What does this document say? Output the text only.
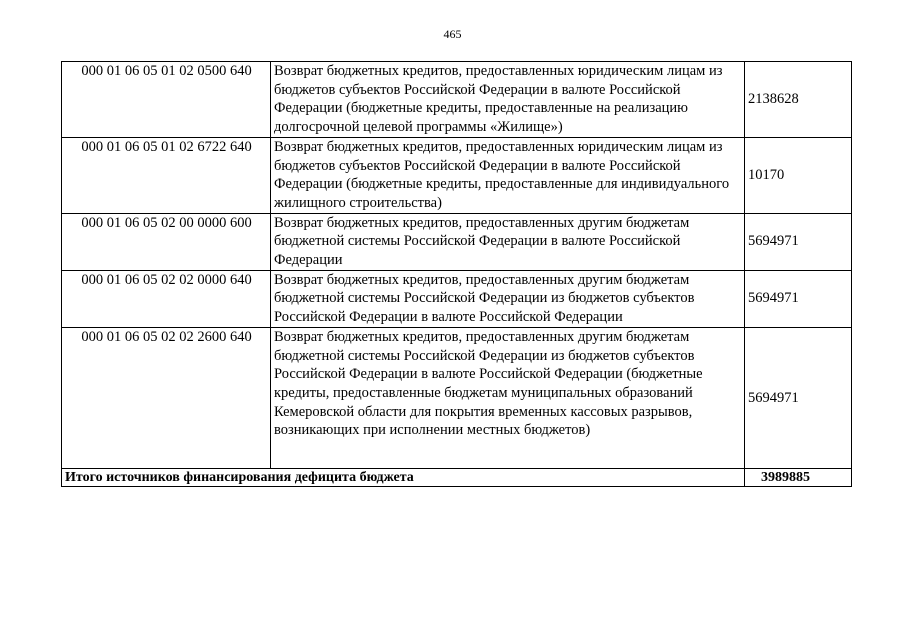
465
000 01 06 05 01 02 0500 640	Возврат бюджетных кредитов, предоставленных юридическим лицам из бюджетов субъектов Российской Федерации в валюте Российской Федерации (бюджетные кредиты, предоставленные на реализацию долгосрочной целевой программы «Жилище»)	2138628
000 01 06 05 01 02 6722 640	Возврат бюджетных кредитов, предоставленных юридическим лицам из бюджетов субъектов Российской Федерации в валюте Российской Федерации (бюджетные кредиты, предоставленные для индивидуального жилищного строительства)	10170
000 01 06 05 02 00 0000 600	Возврат бюджетных кредитов, предоставленных другим бюджетам бюджетной системы Российской Федерации в валюте Российской Федерации	5694971
000 01 06 05 02 02 0000 640	Возврат бюджетных кредитов, предоставленных другим бюджетам бюджетной системы Российской Федерации из бюджетов субъектов Российской Федерации в валюте Российской Федерации	5694971
000 01 06 05 02 02 2600 640	Возврат бюджетных кредитов, предоставленных другим бюджетам бюджетной системы Российской Федерации из бюджетов субъектов Российской Федерации в валюте Российской Федерации (бюджетные кредиты, предоставленные бюджетам муниципальных образований Кемеровской области для покрытия временных кассовых разрывов, возникающих при исполнении местных бюджетов)	5694971
Итого источников финансирования дефицита бюджета		3989885
